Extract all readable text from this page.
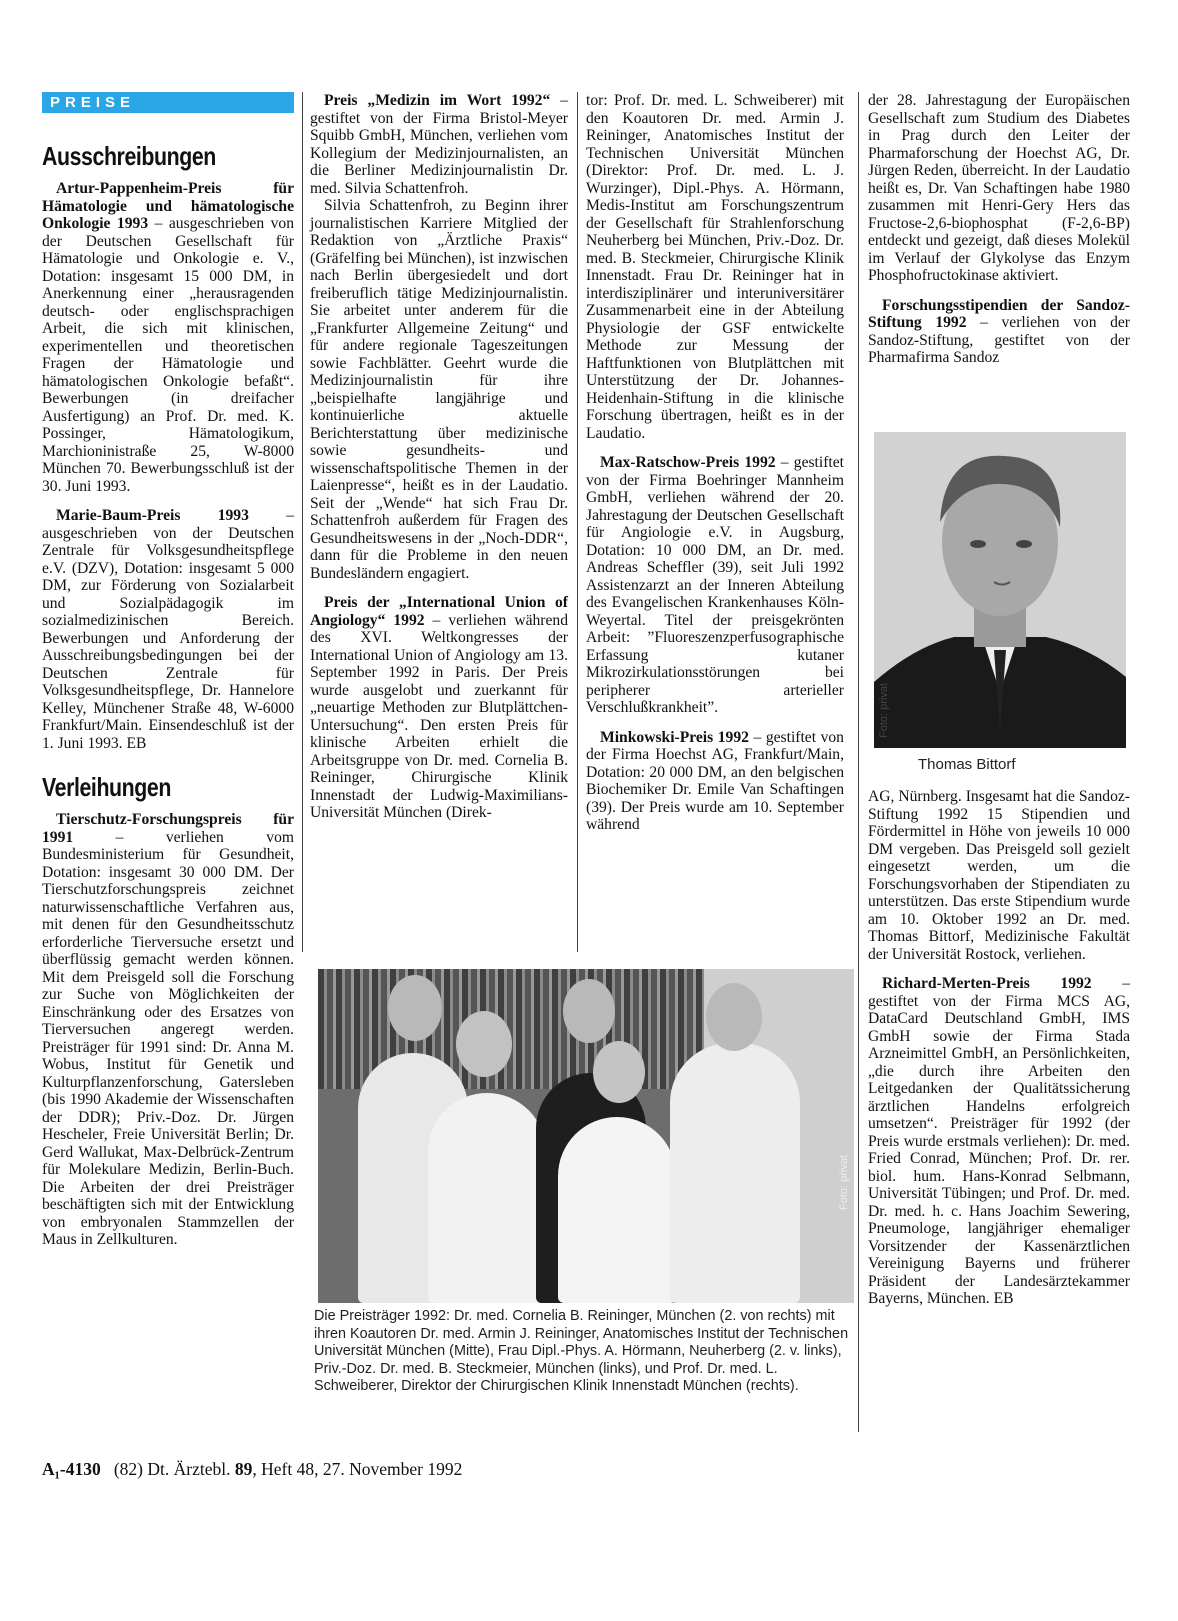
PREISE
Ausschreibungen

Artur-Pappenheim-Preis für Hämatologie und hämatologische Onkologie 1993 – ausgeschrieben von der Deutschen Gesellschaft für Hämatologie und Onkologie e. V., Dotation: insgesamt 15 000 DM, in Anerkennung einer „herausragenden deutsch- oder englischsprachigen Arbeit, die sich mit klinischen, experimentellen und theoretischen Fragen der Hämatologie und hämatologischen Onkologie befaßt“. Bewerbungen (in dreifacher Ausfertigung) an Prof. Dr. med. K. Possinger, Hämatologikum, Marchioninistraße 25, W-8000 München 70. Bewerbungsschluß ist der 30. Juni 1993.

Marie-Baum-Preis 1993 – ausgeschrieben von der Deutschen Zentrale für Volksgesundheitspflege e.V. (DZV), Dotation: insgesamt 5 000 DM, zur Förderung von Sozialarbeit und Sozialpädagogik im sozialmedizinischen Bereich. Bewerbungen und Anforderung der Ausschreibungsbedingungen bei der Deutschen Zentrale für Volksgesundheitspflege, Dr. Hannelore Kelley, Münchener Straße 48, W-6000 Frankfurt/Main. Einsendeschluß ist der 1. Juni 1993. EB

Verleihungen

Tierschutz-Forschungspreis für 1991 – verliehen vom Bundesministerium für Gesundheit, Dotation: insgesamt 30 000 DM. Der Tierschutzforschungspreis zeichnet naturwissenschaftliche Verfahren aus, mit denen für den Gesundheitsschutz erforderliche Tierversuche ersetzt und überflüssig gemacht werden können. Mit dem Preisgeld soll die Forschung zur Suche von Möglichkeiten der Einschränkung oder des Ersatzes von Tierversuchen angeregt werden. Preisträger für 1991 sind: Dr. Anna M. Wobus, Institut für Genetik und Kulturpflanzenforschung, Gatersleben (bis 1990 Akademie der Wissenschaften der DDR); Priv.-Doz. Dr. Jürgen Hescheler, Freie Universität Berlin; Dr. Gerd Wallukat, Max-Delbrück-Zentrum für Molekulare Medizin, Berlin-Buch. Die Arbeiten der drei Preisträger beschäftigten sich mit der Entwicklung von embryonalen Stammzellen der Maus in Zellkulturen.

Preis „Medizin im Wort 1992“ – gestiftet von der Firma Bristol-Meyer Squibb GmbH, München, verliehen vom Kollegium der Medizinjournalisten, an die Berliner Medizinjournalistin Dr. med. Silvia Schattenfroh.

Silvia Schattenfroh, zu Beginn ihrer journalistischen Karriere Mitglied der Redaktion von „Ärztliche Praxis“ (Gräfelfing bei München), ist inzwischen nach Berlin übergesiedelt und dort freiberuflich tätige Medizinjournalistin. Sie arbeitet unter anderem für die „Frankfurter Allgemeine Zeitung“ und für andere regionale Tageszeitungen sowie Fachblätter. Geehrt wurde die Medizinjournalistin für ihre „beispielhafte langjährige und kontinuierliche aktuelle Berichterstattung über medizinische sowie gesundheits- und wissenschaftspolitische Themen in der Laienpresse“, heißt es in der Laudatio. Seit der „Wende“ hat sich Frau Dr. Schattenfroh außerdem für Fragen des Gesundheitswesens in der „Noch-DDR“, dann für die Probleme in den neuen Bundesländern engagiert.

Preis der „International Union of Angiology“ 1992 – verliehen während des XVI. Weltkongresses der International Union of Angiology am 13. September 1992 in Paris. Der Preis wurde ausgelobt und zuerkannt für „neuartige Methoden zur Blutplättchen-Untersuchung“. Den ersten Preis für klinische Arbeiten erhielt die Arbeitsgruppe von Dr. med. Cornelia B. Reininger, Chirurgische Klinik Innenstadt der Ludwig-Maximilians-Universität München (Direk-

tor: Prof. Dr. med. L. Schweiberer) mit den Koautoren Dr. med. Armin J. Reininger, Anatomisches Institut der Technischen Universität München (Direktor: Prof. Dr. med. L. J. Wurzinger), Dipl.-Phys. A. Hörmann, Medis-Institut am Forschungszentrum der Gesellschaft für Strahlenforschung Neuherberg bei München, Priv.-Doz. Dr. med. B. Steckmeier, Chirurgische Klinik Innenstadt. Frau Dr. Reininger hat in interdisziplinärer und interuniversitärer Zusammenarbeit eine in der Abteilung Physiologie der GSF entwickelte Methode zur Messung der Haftfunktionen von Blutplättchen mit Unterstützung der Dr. Johannes-Heidenhain-Stiftung in die klinische Forschung übertragen, heißt es in der Laudatio.

Max-Ratschow-Preis 1992 – gestiftet von der Firma Boehringer Mannheim GmbH, verliehen während der 20. Jahrestagung der Deutschen Gesellschaft für Angiologie e.V. in Augsburg, Dotation: 10 000 DM, an Dr. med. Andreas Scheffler (39), seit Juli 1992 Assistenzarzt an der Inneren Abteilung des Evangelischen Krankenhauses Köln-Weyertal. Titel der preisgekrönten Arbeit: ”Fluoreszenzperfusographische Erfassung kutaner Mikrozirkulationsstörungen bei peripherer arterieller Verschlußkrankheit”.

Minkowski-Preis 1992 – gestiftet von der Firma Hoechst AG, Frankfurt/Main, Dotation: 20 000 DM, an den belgischen Biochemiker Dr. Emile Van Schaftingen (39). Der Preis wurde am 10. September während

der 28. Jahrestagung der Europäischen Gesellschaft zum Studium des Diabetes in Prag durch den Leiter der Pharmaforschung der Hoechst AG, Dr. Jürgen Reden, überreicht. In der Laudatio heißt es, Dr. Van Schaftingen habe 1980 zusammen mit Henri-Gery Hers das Fructose-2,6-biophosphat (F-2,6-BP) entdeckt und gezeigt, daß dieses Molekül im Verlauf der Glykolyse das Enzym Phosphofructokinase aktiviert.

Forschungsstipendien der Sandoz-Stiftung 1992 – verliehen von der Sandoz-Stiftung, gestiftet von der Pharmafirma Sandoz

Foto: privat
Thomas Bittorf

AG, Nürnberg. Insgesamt hat die Sandoz-Stiftung 1992 15 Stipendien und Fördermittel in Höhe von jeweils 10 000 DM vergeben. Das Preisgeld soll gezielt eingesetzt werden, um die Forschungsvorhaben der Stipendiaten zu unterstützen. Das erste Stipendium wurde am 10. Oktober 1992 an Dr. med. Thomas Bittorf, Medizinische Fakultät der Universität Rostock, verliehen.

Richard-Merten-Preis 1992 – gestiftet von der Firma MCS AG, DataCard Deutschland GmbH, IMS GmbH sowie der Firma Stada Arzneimittel GmbH, an Persönlichkeiten, „die durch ihre Arbeiten den Leitgedanken der Qualitätssicherung ärztlichen Handelns erfolgreich umsetzen“. Preisträger für 1992 (der Preis wurde erstmals verliehen): Dr. med. Fried Conrad, München; Prof. Dr. rer. biol. hum. Hans-Konrad Selbmann, Universität Tübingen; und Prof. Dr. med. Dr. med. h. c. Hans Joachim Sewering, Pneumologe, langjähriger ehemaliger Vorsitzender der Kassenärztlichen Vereinigung Bayerns und früherer Präsident der Landesärztekammer Bayerns, München. EB

Foto: privat
Die Preisträger 1992: Dr. med. Cornelia B. Reininger, München (2. von rechts) mit ihren Koautoren Dr. med. Armin J. Reininger, Anatomisches Institut der Technischen Universität München (Mitte), Frau Dipl.-Phys. A. Hörmann, Neuherberg (2. v. links), Priv.-Doz. Dr. med. B. Steckmeier, München (links), und Prof. Dr. med. L. Schweiberer, Direktor der Chirurgischen Klinik Innenstadt München (rechts).
A₁-4130 (82) Dt. Ärztebl. 89, Heft 48, 27. November 1992
